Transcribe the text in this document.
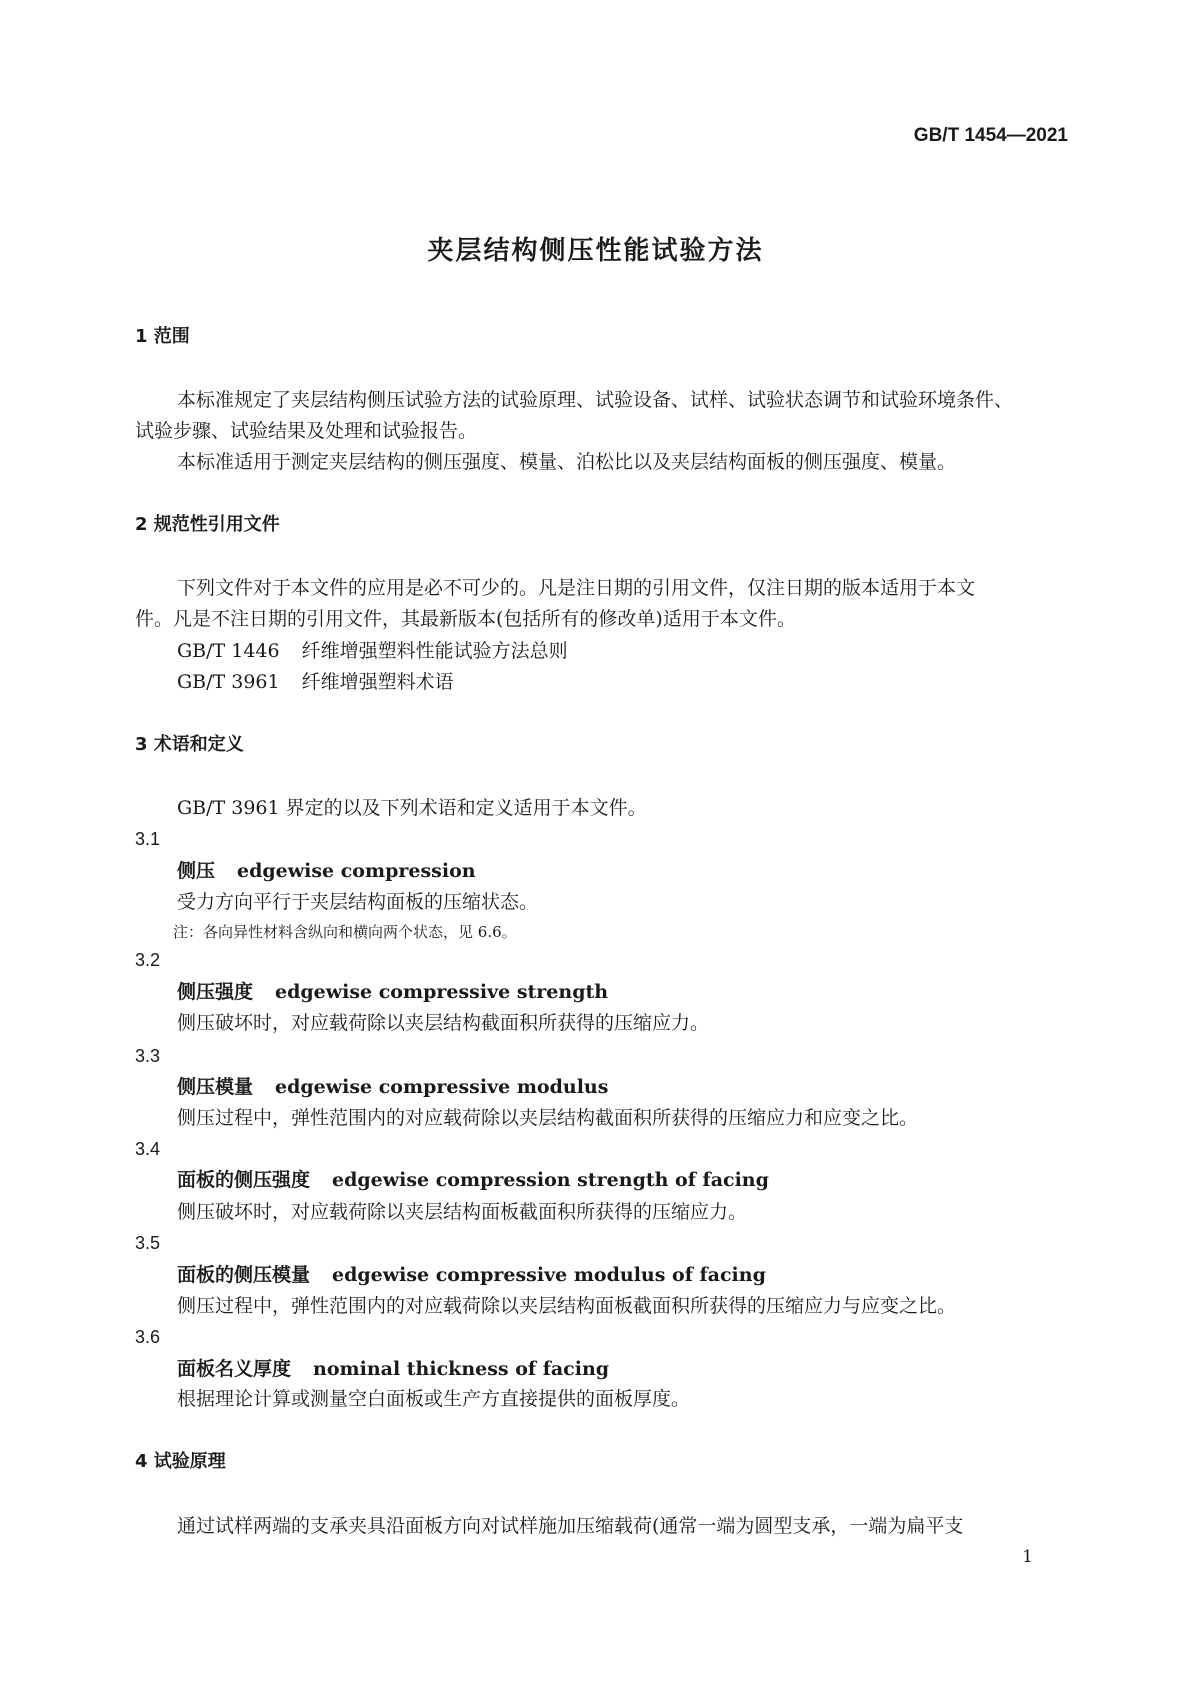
GB/T 1454—2021
夹层结构侧压性能试验方法
1 范围
本标准规定了夹层结构侧压试验方法的试验原理、试验设备、试样、试验状态调节和试验环境条件、
试验步骤、试验结果及处理和试验报告。
本标准适用于测定夹层结构的侧压强度、模量、泊松比以及夹层结构面板的侧压强度、模量。
2 规范性引用文件
下列文件对于本文件的应用是必不可少的。凡是注日期的引用文件，仅注日期的版本适用于本文
件。凡是不注日期的引用文件，其最新版本(包括所有的修改单)适用于本文件。
GB/T 1446 纤维增强塑料性能试验方法总则
GB/T 3961 纤维增强塑料术语
3 术语和定义
GB/T 3961 界定的以及下列术语和定义适用于本文件。
3.1
侧压 edgewise compression
受力方向平行于夹层结构面板的压缩状态。
注：各向异性材料含纵向和横向两个状态，见 6.6。
3.2
侧压强度 edgewise compressive strength
侧压破坏时，对应载荷除以夹层结构截面积所获得的压缩应力。
3.3
侧压模量 edgewise compressive modulus
侧压过程中，弹性范围内的对应载荷除以夹层结构截面积所获得的压缩应力和应变之比。
3.4
面板的侧压强度 edgewise compression strength of facing
侧压破坏时，对应载荷除以夹层结构面板截面积所获得的压缩应力。
3.5
面板的侧压模量 edgewise compressive modulus of facing
侧压过程中，弹性范围内的对应载荷除以夹层结构面板截面积所获得的压缩应力与应变之比。
3.6
面板名义厚度 nominal thickness of facing
根据理论计算或测量空白面板或生产方直接提供的面板厚度。
4 试验原理
通过试样两端的支承夹具沿面板方向对试样施加压缩载荷(通常一端为圆型支承，一端为扁平支
1
